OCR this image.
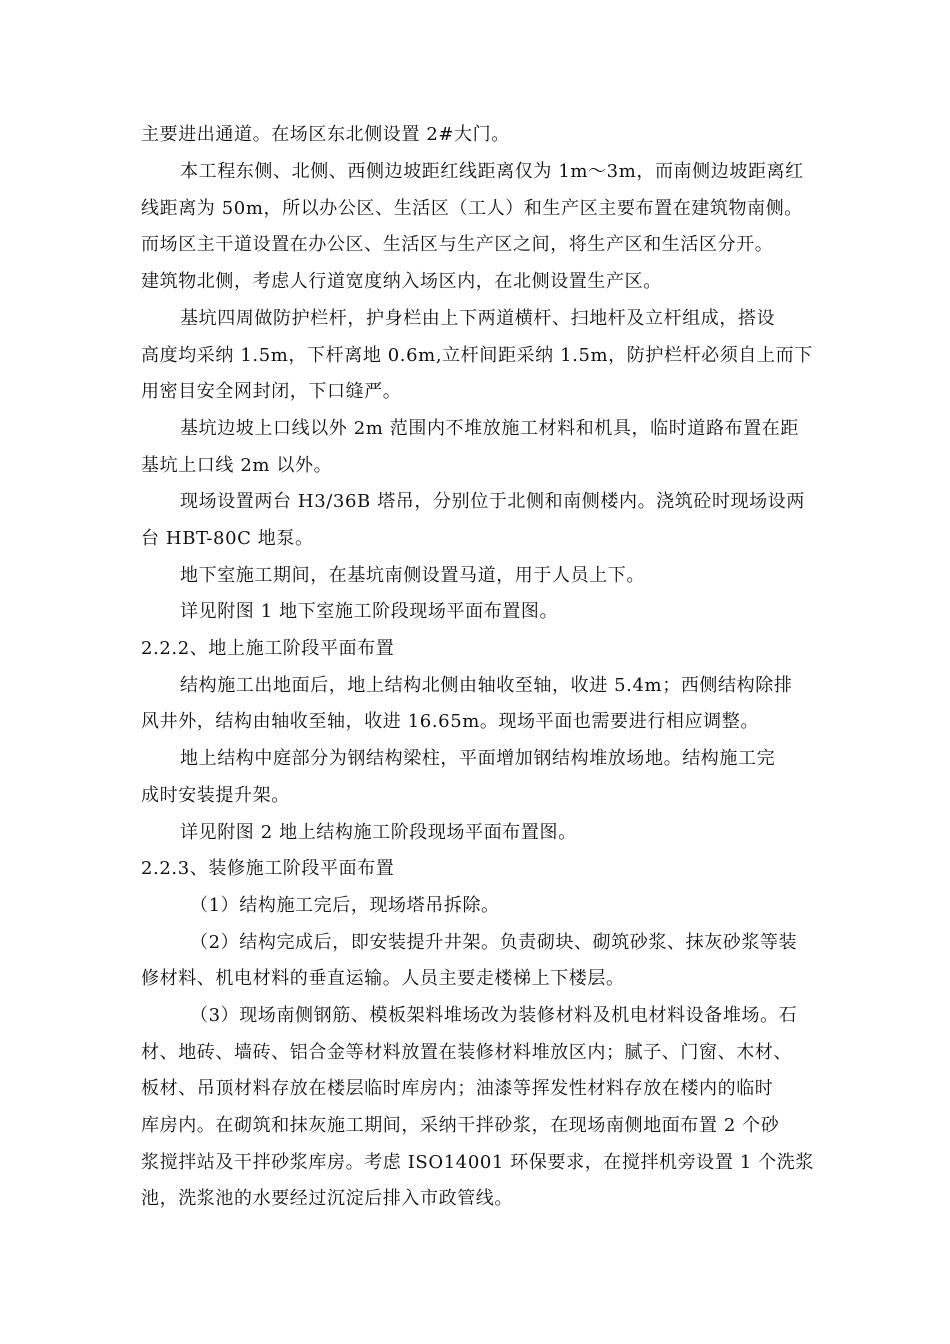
主要进出通道。在场区东北侧设置 2#大门。
本工程东侧、北侧、西侧边坡距红线距离仅为 1m～3m，而南侧边坡距离红
线距离为 50m，所以办公区、生活区（工人）和生产区主要布置在建筑物南侧。
而场区主干道设置在办公区、生活区与生产区之间，将生产区和生活区分开。
建筑物北侧，考虑人行道宽度纳入场区内，在北侧设置生产区。
基坑四周做防护栏杆，护身栏由上下两道横杆、扫地杆及立杆组成，搭设
高度均采纳 1.5m，下杆离地 0.6m,立杆间距采纳 1.5m，防护栏杆必须自上而下
用密目安全网封闭，下口缝严。
基坑边坡上口线以外 2m 范围内不堆放施工材料和机具，临时道路布置在距
基坑上口线 2m 以外。
现场设置两台 H3/36B 塔吊，分别位于北侧和南侧楼内。浇筑砼时现场设两
台 HBT-80C 地泵。
地下室施工期间，在基坑南侧设置马道，用于人员上下。
详见附图 1 地下室施工阶段现场平面布置图。
2.2.2、地上施工阶段平面布置
结构施工出地面后，地上结构北侧由轴收至轴，收进 5.4m；西侧结构除排
风井外，结构由轴收至轴，收进 16.65m。现场平面也需要进行相应调整。
地上结构中庭部分为钢结构梁柱，平面增加钢结构堆放场地。结构施工完
成时安装提升架。
详见附图 2 地上结构施工阶段现场平面布置图。
2.2.3、装修施工阶段平面布置
（1）结构施工完后，现场塔吊拆除。
（2）结构完成后，即安装提升井架。负责砌块、砌筑砂浆、抹灰砂浆等装
修材料、机电材料的垂直运输。人员主要走楼梯上下楼层。
（3）现场南侧钢筋、模板架料堆场改为装修材料及机电材料设备堆场。石
材、地砖、墙砖、铝合金等材料放置在装修材料堆放区内；腻子、门窗、木材、
板材、吊顶材料存放在楼层临时库房内；油漆等挥发性材料存放在楼内的临时
库房内。在砌筑和抹灰施工期间，采纳干拌砂浆，在现场南侧地面布置 2 个砂
浆搅拌站及干拌砂浆库房。考虑 ISO14001 环保要求，在搅拌机旁设置 1 个洗浆
池，洗浆池的水要经过沉淀后排入市政管线。
